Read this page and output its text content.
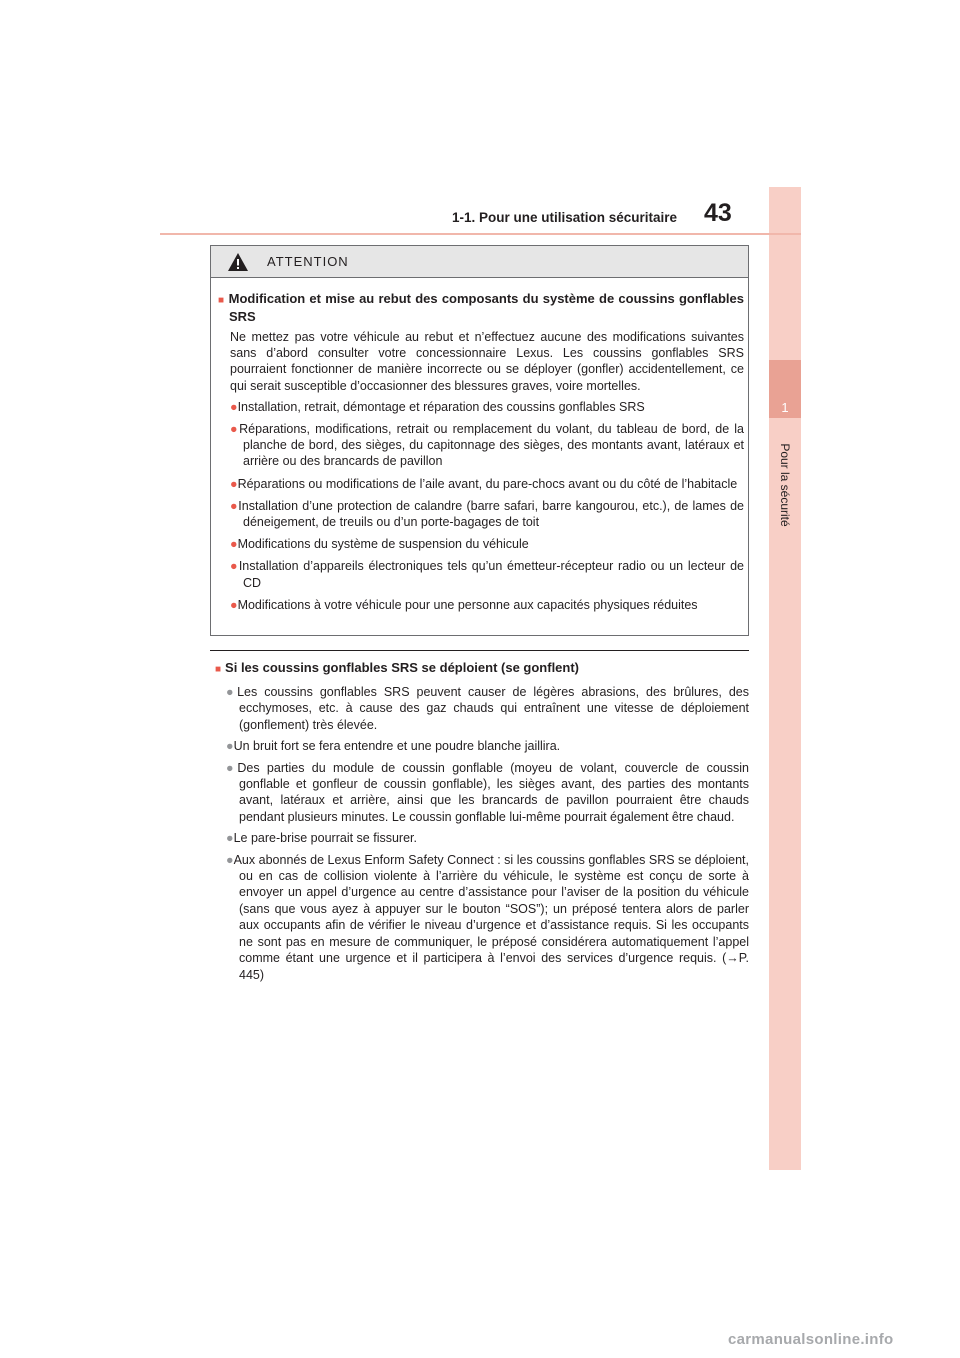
1
Pour la sécurité
1-1. Pour une utilisation sécuritaire 43
ATTENTION
■ Modification et mise au rebut des composants du système de coussins gonflables SRS
Ne mettez pas votre véhicule au rebut et n’effectuez aucune des modifications suivantes sans d’abord consulter votre concessionnaire Lexus. Les coussins gonflables SRS pourraient fonctionner de manière incorrecte ou se déployer (gonfler) accidentellement, ce qui serait susceptible d’occasionner des blessures graves, voire mortelles.
●Installation, retrait, démontage et réparation des coussins gonflables SRS
●Réparations, modifications, retrait ou remplacement du volant, du tableau de bord, de la planche de bord, des sièges, du capitonnage des sièges, des montants avant, latéraux et arrière ou des brancards de pavillon
●Réparations ou modifications de l’aile avant, du pare-chocs avant ou du côté de l’habitacle
●Installation d’une protection de calandre (barre safari, barre kangourou, etc.), de lames de déneigement, de treuils ou d’un porte-bagages de toit
●Modifications du système de suspension du véhicule
●Installation d’appareils électroniques tels qu’un émetteur-récepteur radio ou un lecteur de CD
●Modifications à votre véhicule pour une personne aux capacités physiques réduites
■ Si les coussins gonflables SRS se déploient (se gonflent)
●Les coussins gonflables SRS peuvent causer de légères abrasions, des brûlures, des ecchymoses, etc. à cause des gaz chauds qui entraînent une vitesse de déploiement (gonflement) très élevée.
●Un bruit fort se fera entendre et une poudre blanche jaillira.
●Des parties du module de coussin gonflable (moyeu de volant, couvercle de coussin gonflable et gonfleur de coussin gonflable), les sièges avant, des parties des montants avant, latéraux et arrière, ainsi que les brancards de pavillon pourraient être chauds pendant plusieurs minutes. Le coussin gonflable lui-même pourrait également être chaud.
●Le pare-brise pourrait se fissurer.
●Aux abonnés de Lexus Enform Safety Connect : si les coussins gonflables SRS se déploient, ou en cas de collision violente à l’arrière du véhicule, le système est conçu de sorte à envoyer un appel d’urgence au centre d’assistance pour l’aviser de la position du véhicule (sans que vous ayez à appuyer sur le bouton “SOS”); un préposé tentera alors de parler aux occupants afin de vérifier le niveau d’urgence et d’assistance requis. Si les occupants ne sont pas en mesure de communiquer, le préposé considérera automatiquement l’appel comme étant une urgence et il participera à l’envoi des services d’urgence requis. (→P. 445)
carmanualsonline.info
